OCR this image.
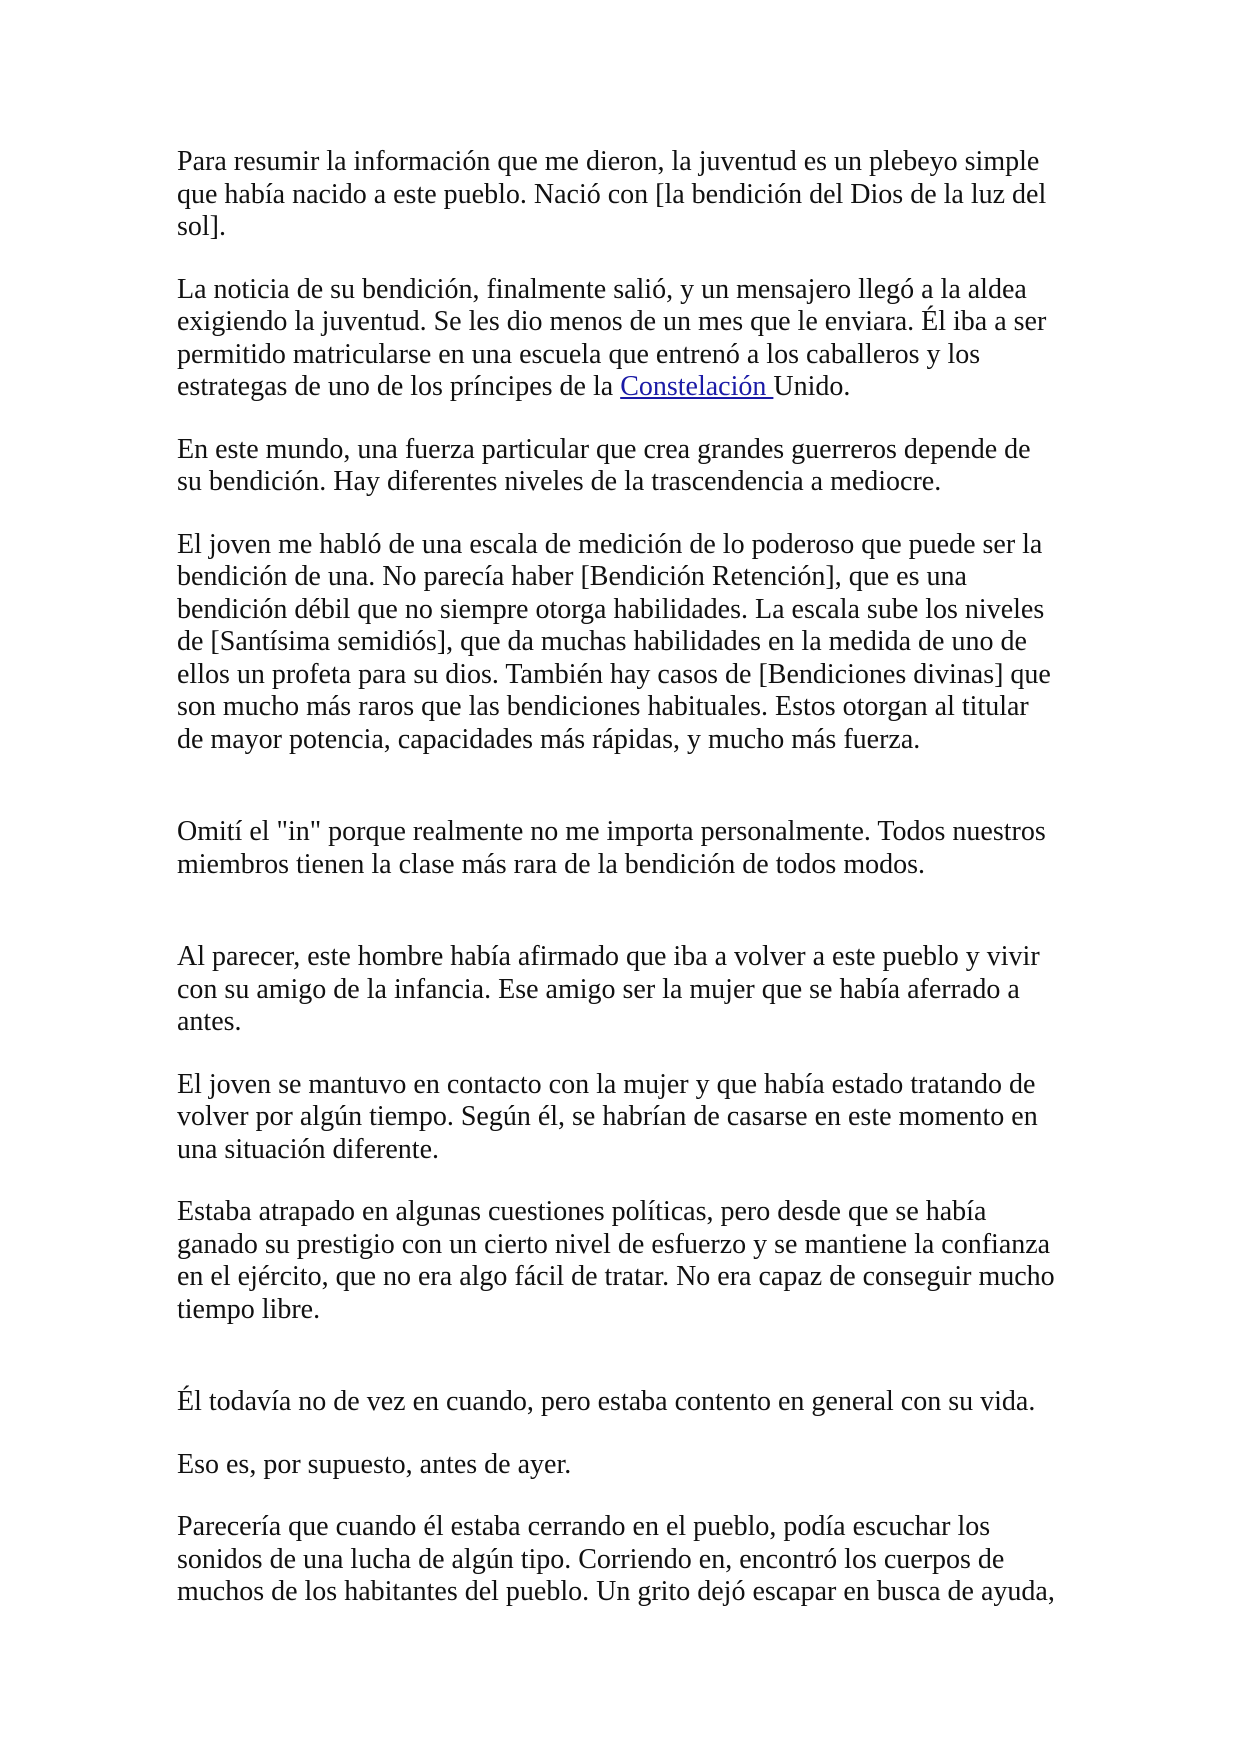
Para resumir la información que me dieron, la juventud es un plebeyo simple
que había nacido a este pueblo. Nació con [la bendición del Dios de la luz del
sol].

La noticia de su bendición, finalmente salió, y un mensajero llegó a la aldea
exigiendo la juventud. Se les dio menos de un mes que le enviara. Él iba a ser
permitido matricularse en una escuela que entrenó a los caballeros y los
estrategas de uno de los príncipes de la Constelación Unido.

En este mundo, una fuerza particular que crea grandes guerreros depende de
su bendición. Hay diferentes niveles de la trascendencia a mediocre.

El joven me habló de una escala de medición de lo poderoso que puede ser la
bendición de una. No parecía haber [Bendición Retención], que es una
bendición débil que no siempre otorga habilidades. La escala sube los niveles
de [Santísima semidiós], que da muchas habilidades en la medida de uno de
ellos un profeta para su dios. También hay casos de [Bendiciones divinas] que
son mucho más raros que las bendiciones habituales. Estos otorgan al titular
de mayor potencia, capacidades más rápidas, y mucho más fuerza.

Omití el "in" porque realmente no me importa personalmente. Todos nuestros
miembros tienen la clase más rara de la bendición de todos modos.

Al parecer, este hombre había afirmado que iba a volver a este pueblo y vivir
con su amigo de la infancia. Ese amigo ser la mujer que se había aferrado a
antes.

El joven se mantuvo en contacto con la mujer y que había estado tratando de
volver por algún tiempo. Según él, se habrían de casarse en este momento en
una situación diferente.

Estaba atrapado en algunas cuestiones políticas, pero desde que se había
ganado su prestigio con un cierto nivel de esfuerzo y se mantiene la confianza
en el ejército, que no era algo fácil de tratar. No era capaz de conseguir mucho
tiempo libre.

Él todavía no de vez en cuando, pero estaba contento en general con su vida.

Eso es, por supuesto, antes de ayer.

Parecería que cuando él estaba cerrando en el pueblo, podía escuchar los
sonidos de una lucha de algún tipo. Corriendo en, encontró los cuerpos de
muchos de los habitantes del pueblo. Un grito dejó escapar en busca de ayuda,
